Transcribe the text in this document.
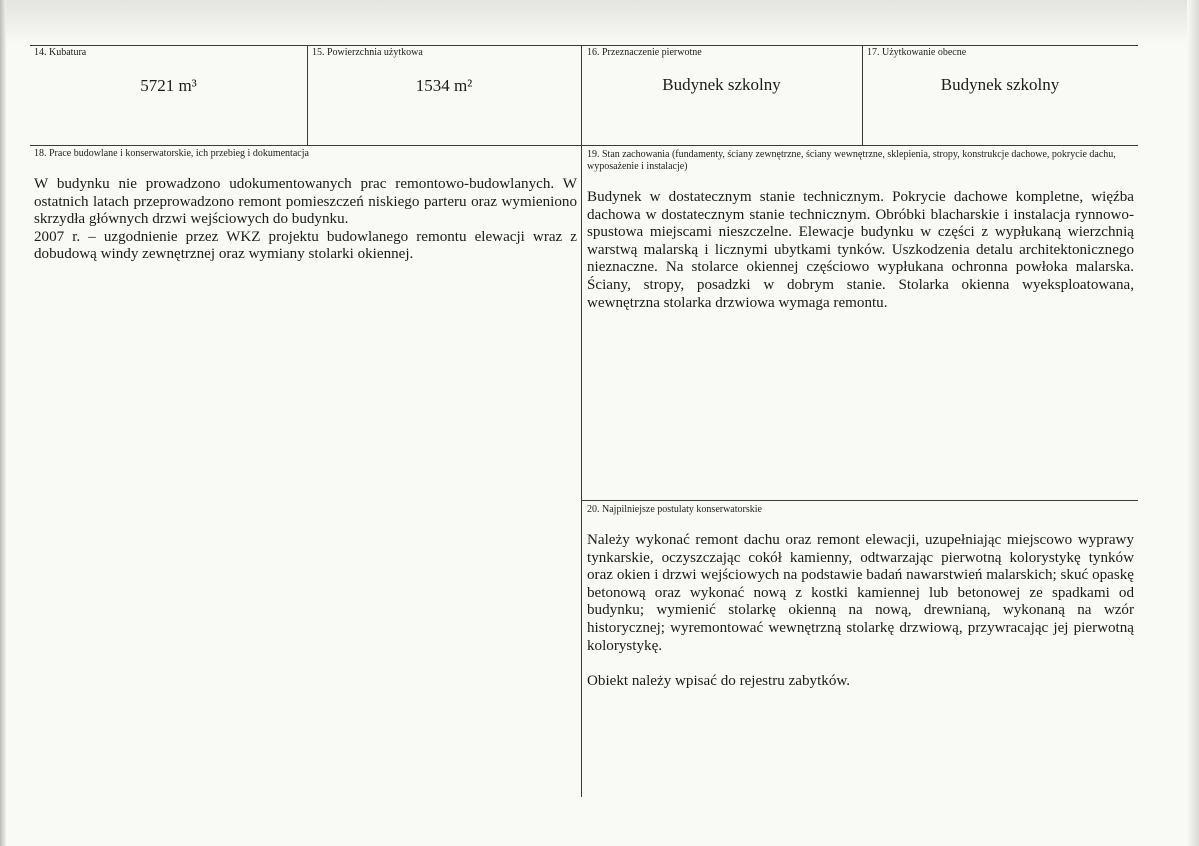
14. Kubatura
5721 m³
15. Powierzchnia użytkowa
1534 m²
16. Przeznaczenie pierwotne
Budynek szkolny
17. Użytkowanie obecne
Budynek szkolny
18. Prace budowlane i konserwatorskie, ich przebieg i dokumentacja

W budynku nie prowadzono udokumentowanych prac remontowo-budowlanych. W ostatnich latach przeprowadzono remont pomieszczeń niskiego parteru oraz wymieniono skrzydła głównych drzwi wejściowych do budynku.

2007 r. – uzgodnienie przez WKZ projektu budowlanego remontu elewacji wraz z dobudową windy zewnętrznej oraz wymiany stolarki okiennej.

19. Stan zachowania (fundamenty, ściany zewnętrzne, ściany wewnętrzne, sklepienia, stropy, konstrukcje dachowe, pokrycie dachu, wyposażenie i instalacje)
Budynek w dostatecznym stanie technicznym. Pokrycie dachowe kompletne, więźba dachowa w dostatecznym stanie technicznym. Obróbki blacharskie i instalacja rynnowo-spustowa miejscami nieszczelne. Elewacje budynku w części z wypłukaną wierzchnią warstwą malarską i licznymi ubytkami tynków. Uszkodzenia detalu architektonicznego nieznaczne. Na stolarce okiennej częściowo wypłukana ochronna powłoka malarska. Ściany, stropy, posadzki w dobrym stanie. Stolarka okienna wyeksploatowana, wewnętrzna stolarka drzwiowa wymaga remontu.
20. Najpilniejsze postulaty konserwatorskie

Należy wykonać remont dachu oraz remont elewacji, uzupełniając miejscowo wyprawy tynkarskie, oczyszczając cokół kamienny, odtwarzając pierwotną kolorystykę tynków oraz okien i drzwi wejściowych na podstawie badań nawarstwień malarskich; skuć opaskę betonową oraz wykonać nową z kostki kamiennej lub betonowej ze spadkami od budynku; wymienić stolarkę okienną na nową, drewnianą, wykonaną na wzór historycznej; wyremontować wewnętrzną stolarkę drzwiową, przywracając jej pierwotną kolorystykę.

Obiekt należy wpisać do rejestru zabytków.
